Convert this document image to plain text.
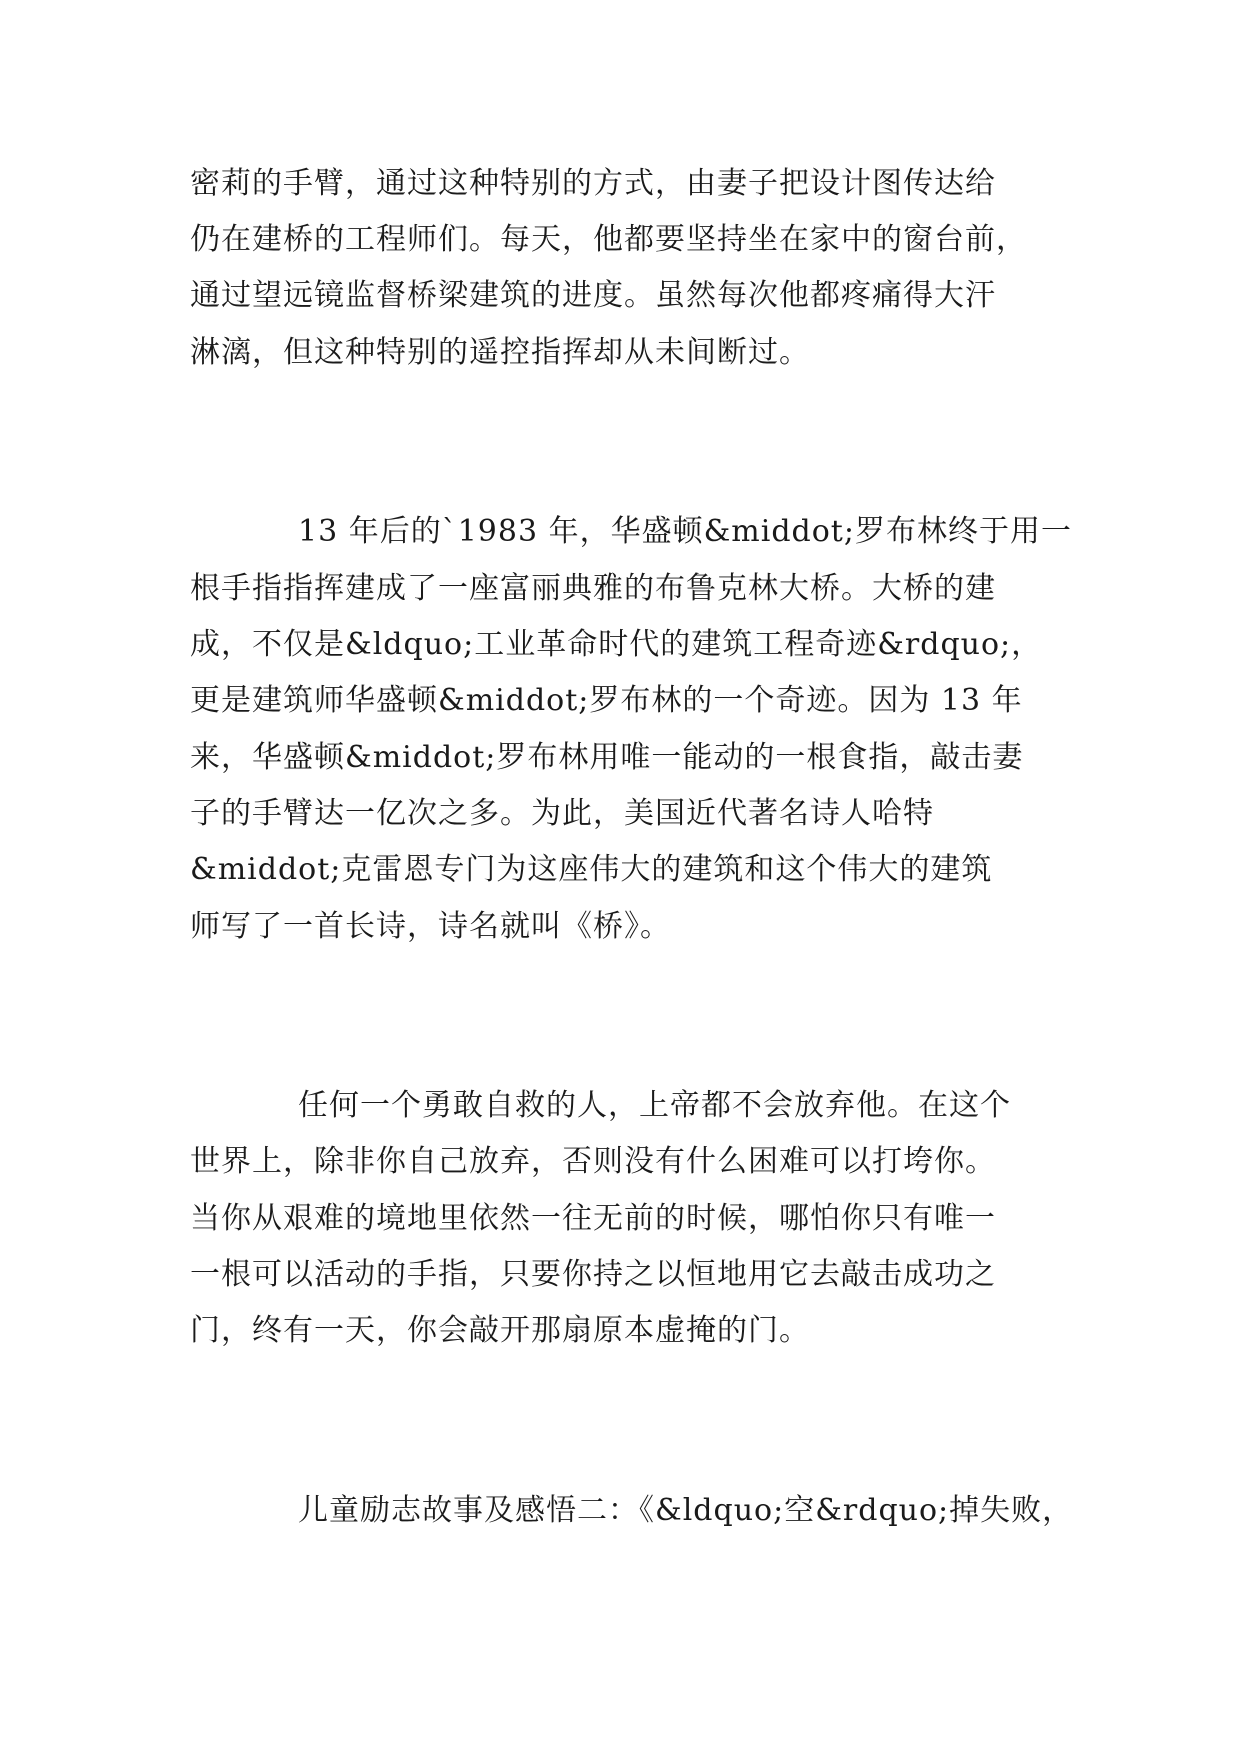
密莉的手臂，通过这种特别的方式，由妻子把设计图传达给

仍在建桥的工程师们。每天，他都要坚持坐在家中的窗台前，

通过望远镜监督桥梁建筑的进度。虽然每次他都疼痛得大汗

淋漓，但这种特别的遥控指挥却从未间断过。

13 年后的`1983 年，华盛顿&middot;罗布林终于用一

根手指指挥建成了一座富丽典雅的布鲁克林大桥。大桥的建

成，不仅是&ldquo;工业革命时代的建筑工程奇迹&rdquo;，

更是建筑师华盛顿&middot;罗布林的一个奇迹。因为 13 年

来，华盛顿&middot;罗布林用唯一能动的一根食指，敲击妻

子的手臂达一亿次之多。为此，美国近代著名诗人哈特

&middot;克雷恩专门为这座伟大的建筑和这个伟大的建筑

师写了一首长诗，诗名就叫《桥》。

任何一个勇敢自救的人，上帝都不会放弃他。在这个

世界上，除非你自己放弃，否则没有什么困难可以打垮你。

当你从艰难的境地里依然一往无前的时候，哪怕你只有唯一

一根可以活动的手指，只要你持之以恒地用它去敲击成功之

门，终有一天，你会敲开那扇原本虚掩的门。

儿童励志故事及感悟二：《&ldquo;空&rdquo;掉失败，
